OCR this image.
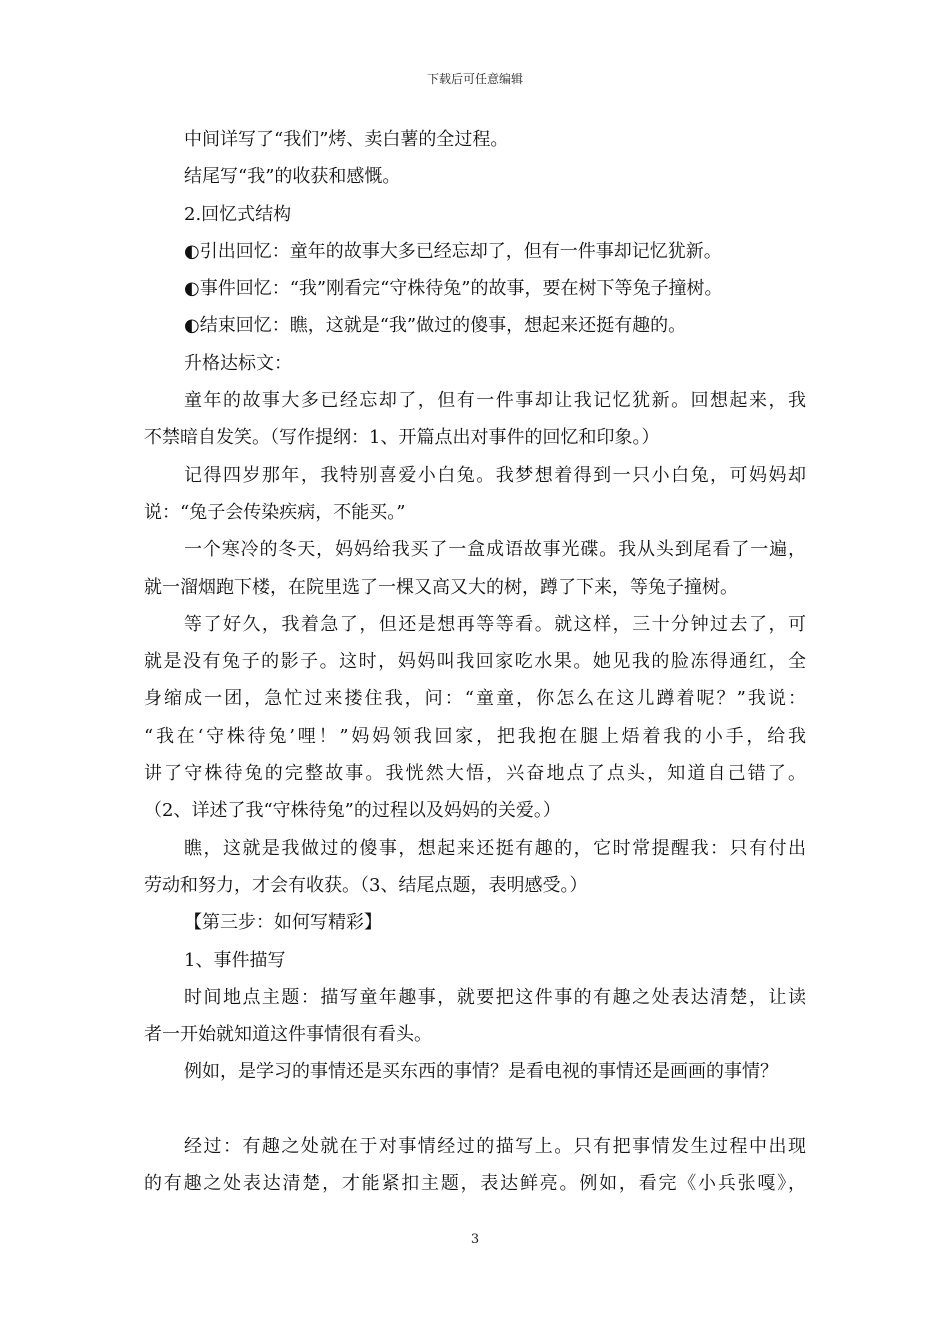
下载后可任意编辑
中间详写了“我们”烤、卖白薯的全过程。
结尾写“我”的收获和感慨。
2.回忆式结构
◐引出回忆：童年的故事大多已经忘却了，但有一件事却记忆犹新。
◐事件回忆：“我”刚看完“守株待兔”的故事，要在树下等兔子撞树。
◐结束回忆：瞧，这就是“我”做过的傻事，想起来还挺有趣的。
升格达标文：
童年的故事大多已经忘却了，但有一件事却让我记忆犹新。回想起来，我
不禁暗自发笑。（写作提纲：1、开篇点出对事件的回忆和印象。）
记得四岁那年，我特别喜爱小白兔。我梦想着得到一只小白兔，可妈妈却
说：“兔子会传染疾病，不能买。”
一个寒冷的冬天，妈妈给我买了一盒成语故事光碟。我从头到尾看了一遍，
就一溜烟跑下楼，在院里选了一棵又高又大的树，蹲了下来，等兔子撞树。
等了好久，我着急了，但还是想再等等看。就这样，三十分钟过去了，可
就是没有兔子的影子。这时，妈妈叫我回家吃水果。她见我的脸冻得通红，全
身缩成一团，急忙过来搂住我，问：“童童，你怎么在这儿蹲着呢？”我说：
“我在‘守株待兔’哩！”妈妈领我回家，把我抱在腿上焐着我的小手，给我
讲了守株待兔的完整故事。我恍然大悟，兴奋地点了点头，知道自己错了。
（2、详述了我“守株待兔”的过程以及妈妈的关爱。）
瞧，这就是我做过的傻事，想起来还挺有趣的，它时常提醒我：只有付出
劳动和努力，才会有收获。（3、结尾点题，表明感受。）
【第三步：如何写精彩】
1、事件描写
时间地点主题：描写童年趣事，就要把这件事的有趣之处表达清楚，让读
者一开始就知道这件事情很有看头。
例如，是学习的事情还是买东西的事情？是看电视的事情还是画画的事情？
经过：有趣之处就在于对事情经过的描写上。只有把事情发生过程中出现
的有趣之处表达清楚，才能紧扣主题，表达鲜亮。例如，看完《小兵张嘎》，
3
